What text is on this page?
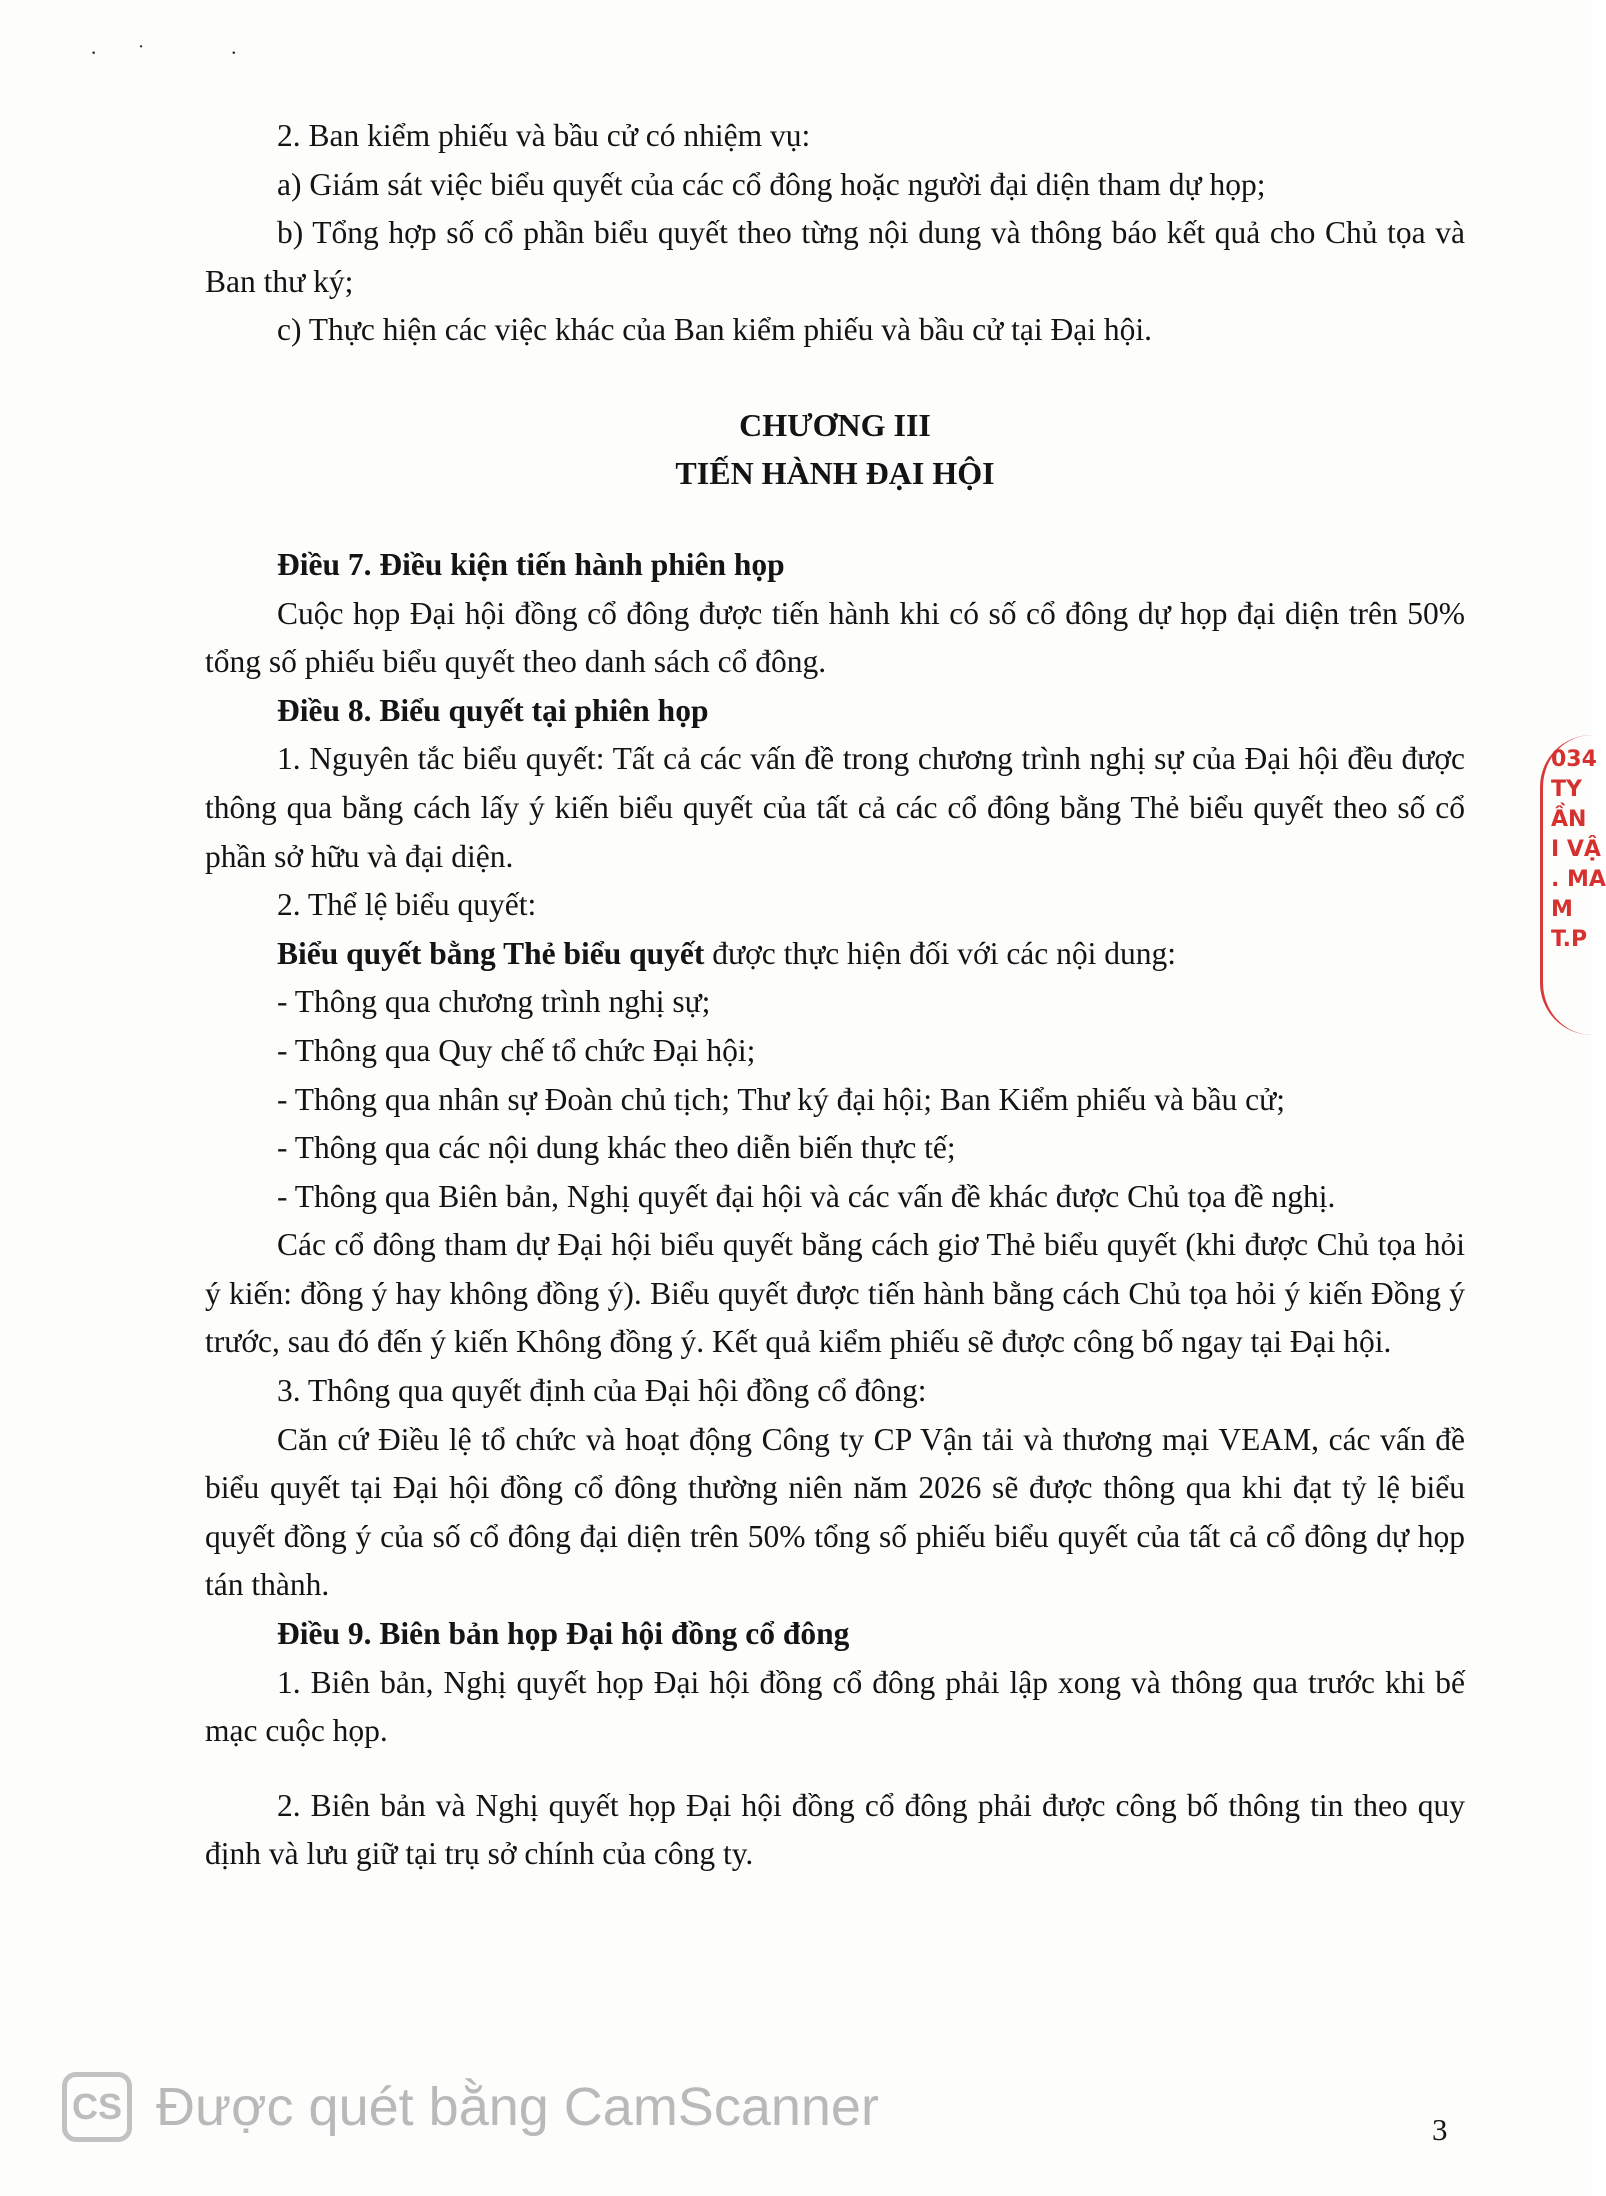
·˙ ·

2. Ban kiểm phiếu và bầu cử có nhiệm vụ:

a) Giám sát việc biểu quyết của các cổ đông hoặc người đại diện tham dự họp;

b) Tổng hợp số cổ phần biểu quyết theo từng nội dung và thông báo kết quả cho Chủ tọa và Ban thư ký;

c) Thực hiện các việc khác của Ban kiểm phiếu và bầu cử tại Đại hội.

CHƯƠNG III
TIẾN HÀNH ĐẠI HỘI

Điều 7. Điều kiện tiến hành phiên họp

Cuộc họp Đại hội đồng cổ đông được tiến hành khi có số cổ đông dự họp đại diện trên 50% tổng số phiếu biểu quyết theo danh sách cổ đông.

Điều 8. Biểu quyết tại phiên họp

1. Nguyên tắc biểu quyết: Tất cả các vấn đề trong chương trình nghị sự của Đại hội đều được thông qua bằng cách lấy ý kiến biểu quyết của tất cả các cổ đông bằng Thẻ biểu quyết theo số cổ phần sở hữu và đại diện.

2. Thể lệ biểu quyết:

Biểu quyết bằng Thẻ biểu quyết được thực hiện đối với các nội dung:

- Thông qua chương trình nghị sự;

- Thông qua Quy chế tổ chức Đại hội;

- Thông qua nhân sự Đoàn chủ tịch; Thư ký đại hội; Ban Kiểm phiếu và bầu cử;

- Thông qua các nội dung khác theo diễn biến thực tế;

- Thông qua Biên bản, Nghị quyết đại hội và các vấn đề khác được Chủ tọa đề nghị.

Các cổ đông tham dự Đại hội biểu quyết bằng cách giơ Thẻ biểu quyết (khi được Chủ tọa hỏi ý kiến: đồng ý hay không đồng ý). Biểu quyết được tiến hành bằng cách Chủ tọa hỏi ý kiến Đồng ý trước, sau đó đến ý kiến Không đồng ý. Kết quả kiểm phiếu sẽ được công bố ngay tại Đại hội.

3. Thông qua quyết định của Đại hội đồng cổ đông:

Căn cứ Điều lệ tổ chức và hoạt động Công ty CP Vận tải và thương mại VEAM, các vấn đề biểu quyết tại Đại hội đồng cổ đông thường niên năm 2026 sẽ được thông qua khi đạt tỷ lệ biểu quyết đồng ý của số cổ đông đại diện trên 50% tổng số phiếu biểu quyết của tất cả cổ đông dự họp tán thành.

Điều 9. Biên bản họp Đại hội đồng cổ đông

1. Biên bản, Nghị quyết họp Đại hội đồng cổ đông phải lập xong và thông qua trước khi bế mạc cuộc họp.

2. Biên bản và Nghị quyết họp Đại hội đồng cổ đông phải được công bố thông tin theo quy định và lưu giữ tại trụ sở chính của công ty.

034
TY
ẦN
I VẬ
. MA
M
T.P
CS Được quét bằng CamScanner	3
